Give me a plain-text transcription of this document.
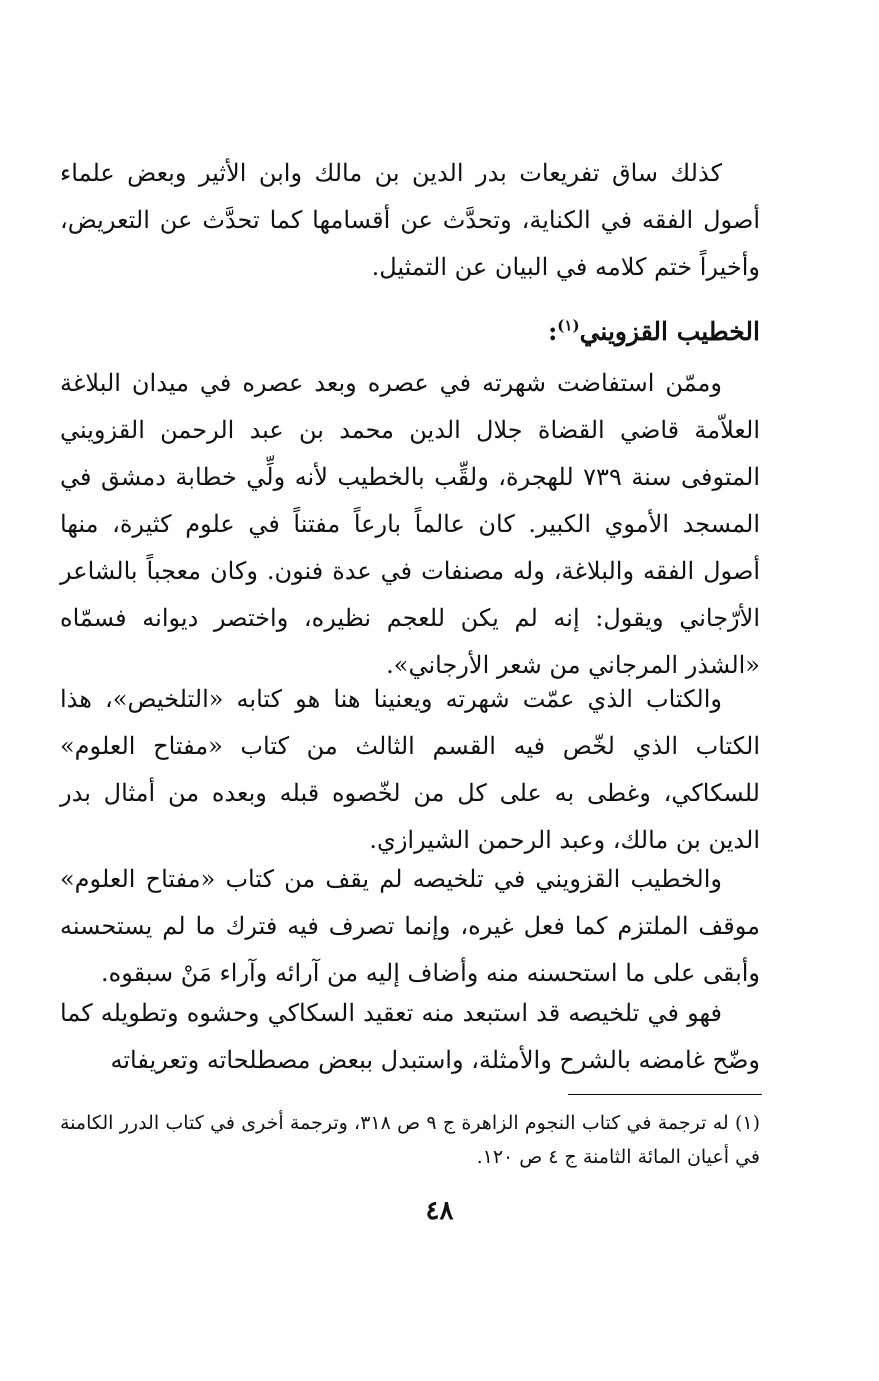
كذلك ساق تفريعات بدر الدين بن مالك وابن الأثير وبعض علماء أصول الفقه في الكناية، وتحدَّث عن أقسامها كما تحدَّث عن التعريض، وأخيراً ختم كلامه في البيان عن التمثيل.

الخطيب القزويني$^{(١)}$:

وممّن استفاضت شهرته في عصره وبعد عصره في ميدان البلاغة العلاّمة قاضي القضاة جلال الدين محمد بن عبد الرحمن القزويني المتوفى سنة ٧٣٩ للهجرة، ولقِّب بالخطيب لأنه ولِّي خطابة دمشق في المسجد الأموي الكبير. كان عالماً بارعاً مفتناً في علوم كثيرة، منها أصول الفقه والبلاغة، وله مصنفات في عدة فنون. وكان معجباً بالشاعر الأرّجاني ويقول: إنه لم يكن للعجم نظيره، واختصر ديوانه فسمّاه «الشذر المرجاني من شعر الأرجاني».

والكتاب الذي عمّت شهرته ويعنينا هنا هو كتابه «التلخيص»، هذا الكتاب الذي لخّص فيه القسم الثالث من كتاب «مفتاح العلوم» للسكاكي، وغطى به على كل من لخّصوه قبله وبعده من أمثال بدر الدين بن مالك، وعبد الرحمن الشيرازي.

والخطيب القزويني في تلخيصه لم يقف من كتاب «مفتاح العلوم» موقف الملتزم كما فعل غيره، وإنما تصرف فيه فترك ما لم يستحسنه وأبقى على ما استحسنه منه وأضاف إليه من آرائه وآراء مَنْ سبقوه.

فهو في تلخيصه قد استبعد منه تعقيد السكاكي وحشوه وتطويله كما وضّح غامضه بالشرح والأمثلة، واستبدل ببعض مصطلحاته وتعريفاته

(١) له ترجمة في كتاب النجوم الزاهرة ج ٩ ص ٣١٨، وترجمة أخرى في كتاب الدرر الكامنة في أعيان المائة الثامنة ج ٤ ص ١٢٠.

٤٨
